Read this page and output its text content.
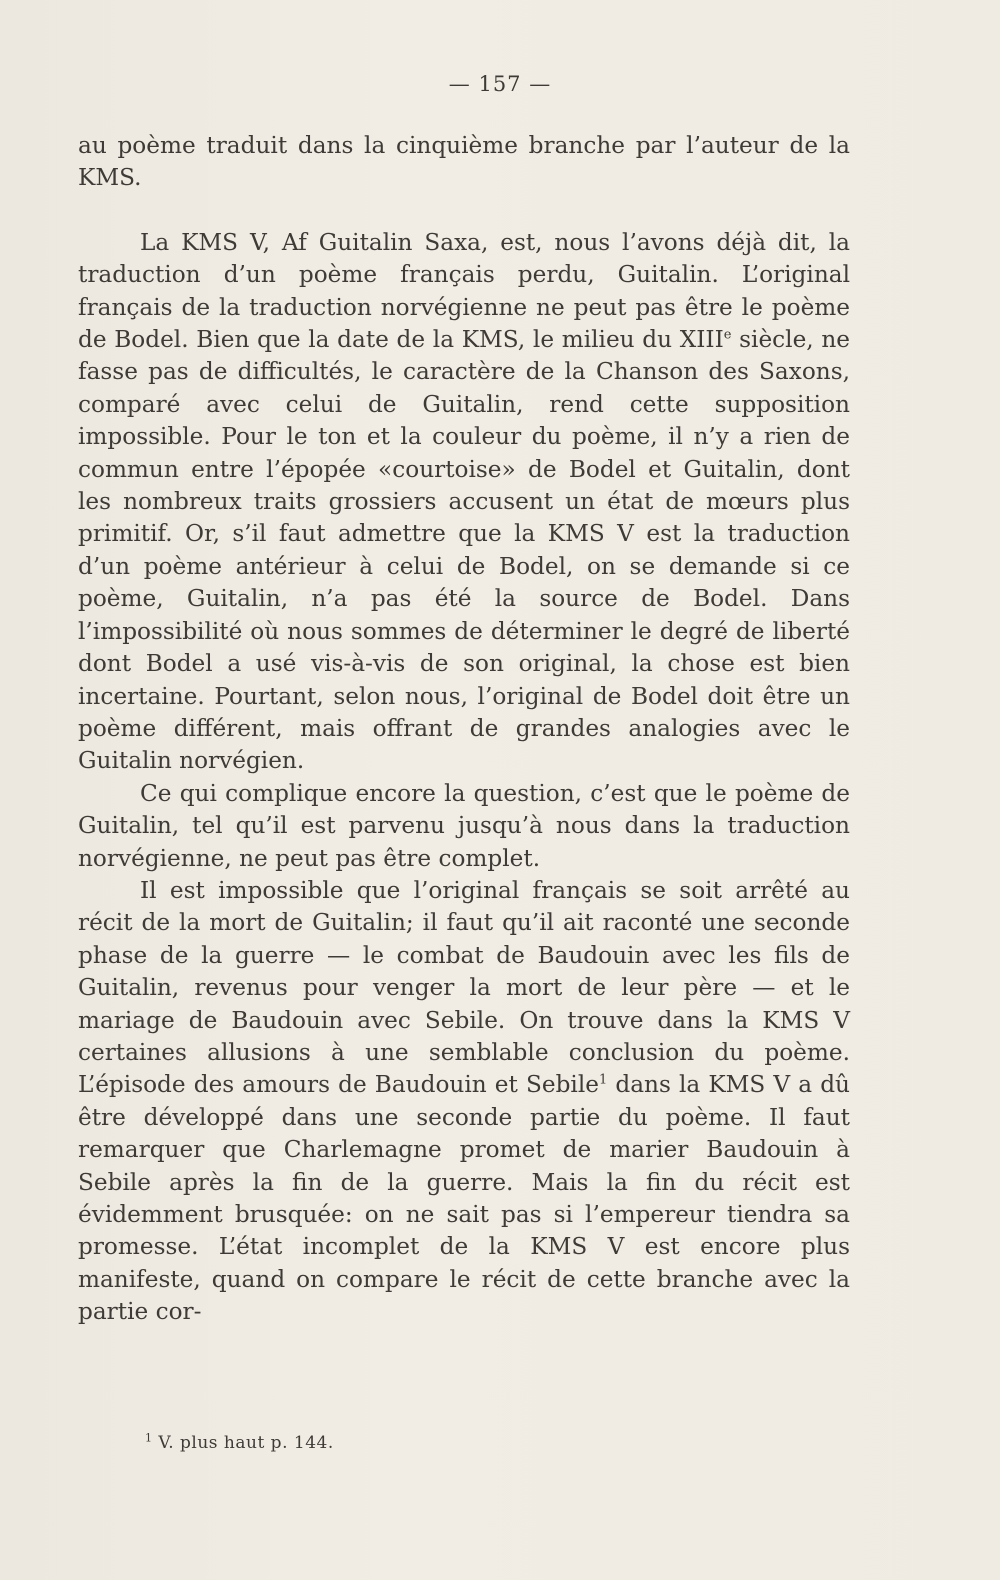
— 157 —

au poème traduit dans la cinquième branche par l’auteur de la KMS.

La KMS V, Af Guitalin Saxa, est, nous l’avons déjà dit, la traduction d’un poème français perdu, Guitalin. L’original français de la traduction norvégienne ne peut pas être le poème de Bodel. Bien que la date de la KMS, le milieu du XIIIe siècle, ne fasse pas de difficultés, le caractère de la Chanson des Saxons, comparé avec celui de Guitalin, rend cette supposition impossible. Pour le ton et la couleur du poème, il n’y a rien de commun entre l’épopée «courtoise» de Bodel et Guitalin, dont les nombreux traits grossiers accusent un état de mœurs plus primitif. Or, s’il faut admettre que la KMS V est la traduction d’un poème antérieur à celui de Bodel, on se demande si ce poème, Guitalin, n’a pas été la source de Bodel. Dans l’impossibilité où nous sommes de déterminer le degré de liberté dont Bodel a usé vis-à-vis de son original, la chose est bien incertaine. Pourtant, selon nous, l’original de Bodel doit être un poème différent, mais offrant de grandes analogies avec le Guitalin norvégien.

Ce qui complique encore la question, c’est que le poème de Guitalin, tel qu’il est parvenu jusqu’à nous dans la traduction norvégienne, ne peut pas être complet.

Il est impossible que l’original français se soit arrêté au récit de la mort de Guitalin; il faut qu’il ait raconté une seconde phase de la guerre — le combat de Baudouin avec les fils de Guitalin, revenus pour venger la mort de leur père — et le mariage de Baudouin avec Sebile. On trouve dans la KMS V certaines allusions à une semblable conclusion du poème. L’épisode des amours de Baudouin et Sebile$^1$ dans la KMS V a dû être développé dans une seconde partie du poème. Il faut remarquer que Charlemagne promet de marier Baudouin à Sebile après la fin de la guerre. Mais la fin du récit est évidemment brusquée: on ne sait pas si l’empereur tiendra sa promesse. L’état incomplet de la KMS V est encore plus manifeste, quand on compare le récit de cette branche avec la partie cor-

$^1$ V. plus haut p. 144.
